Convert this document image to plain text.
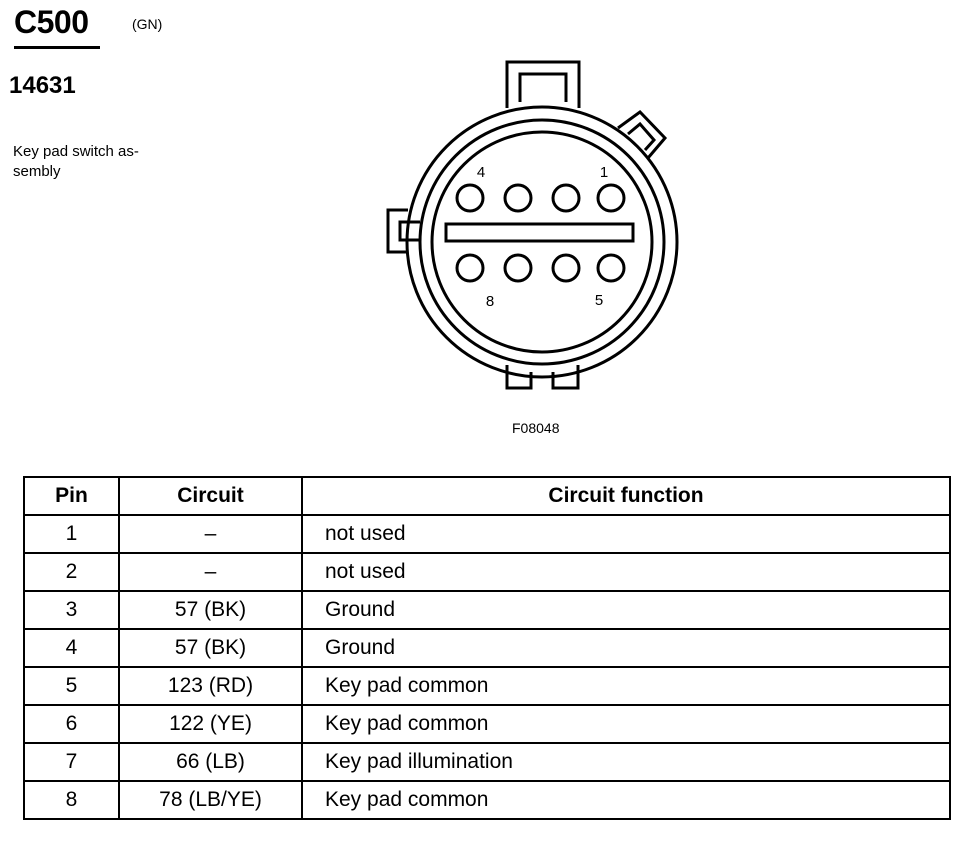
C500	(GN)
14631
Key pad switch as-
sembly	4	1
8	5
F08048
Pin	Circuit	Circuit function
1	–	not used
2	–	not used
3	57 (BK)	Ground
4	57 (BK)	Ground
5	123 (RD)	Key pad common
6	122 (YE)	Key pad common
7	66 (LB)	Key pad illumination
8	78 (LB/YE)	Key pad common
